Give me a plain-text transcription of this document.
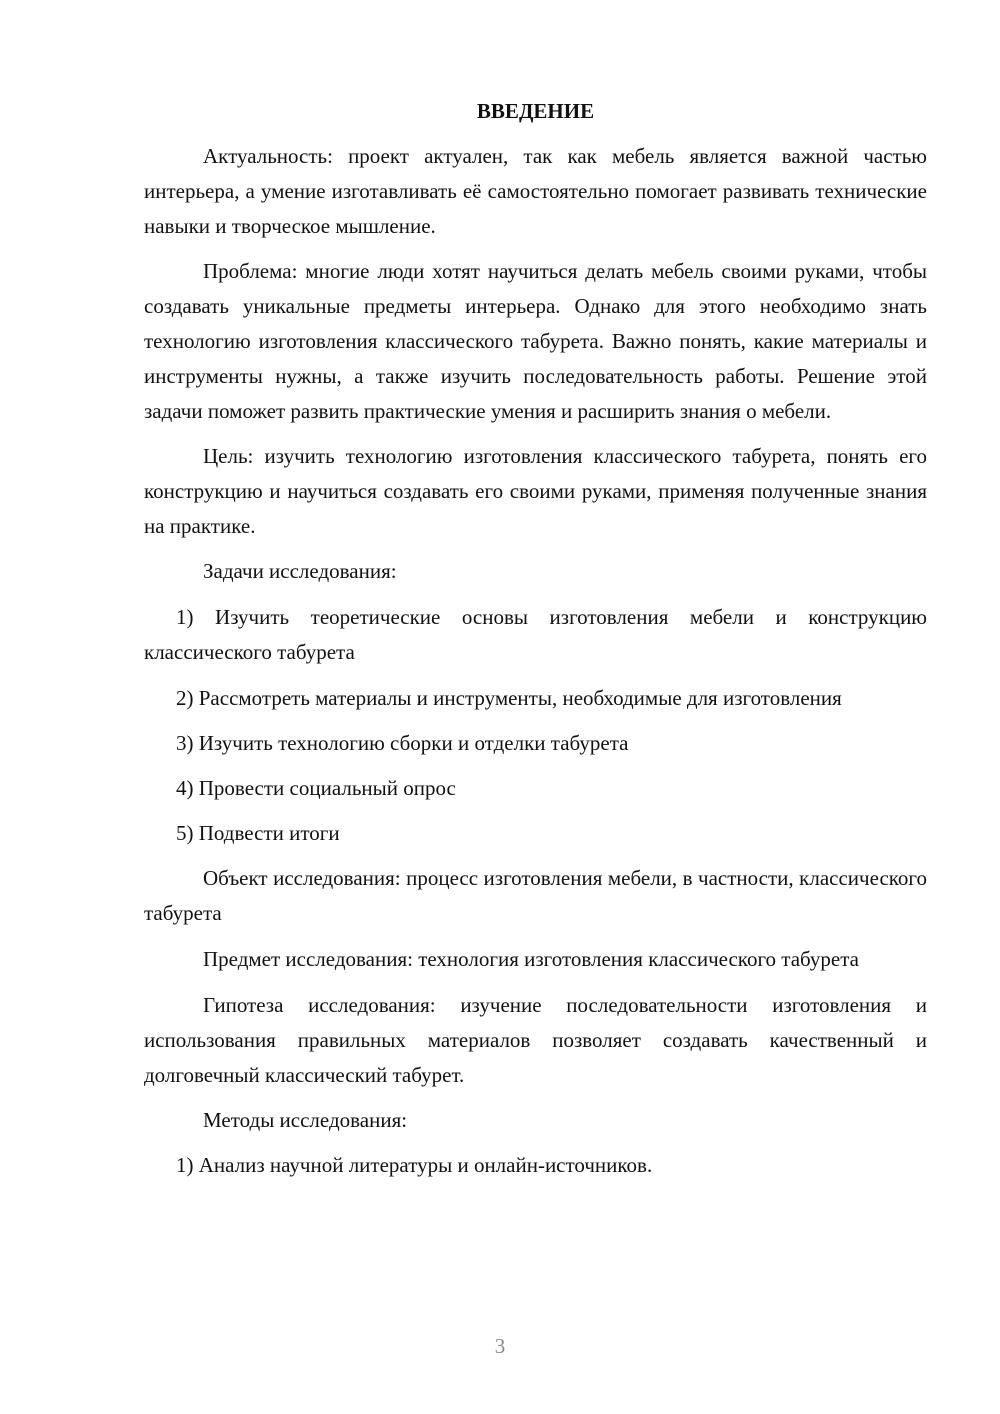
ВВЕДЕНИЕ

Актуальность: проект актуален, так как мебель является важной частью интерьера, а умение изготавливать её самостоятельно помогает развивать технические навыки и творческое мышление.

Проблема: многие люди хотят научиться делать мебель своими руками, чтобы создавать уникальные предметы интерьера. Однако для этого необходимо знать технологию изготовления классического табурета. Важно понять, какие материалы и инструменты нужны, а также изучить последовательность работы. Решение этой задачи поможет развить практические умения и расширить знания о мебели.

Цель: изучить технологию изготовления классического табурета, понять его конструкцию и научиться создавать его своими руками, применяя полученные знания на практике.

Задачи исследования:

1) Изучить теоретические основы изготовления мебели и конструкцию классического табурета

2) Рассмотреть материалы и инструменты, необходимые для изготовления

3) Изучить технологию сборки и отделки табурета

4) Провести социальный опрос

5) Подвести итоги

Объект исследования: процесс изготовления мебели, в частности, классического табурета

Предмет исследования: технология изготовления классического табурета

Гипотеза исследования: изучение последовательности изготовления и использования правильных материалов позволяет создавать качественный и долговечный классический табурет.

Методы исследования:

1) Анализ научной литературы и онлайн-источников.

3
